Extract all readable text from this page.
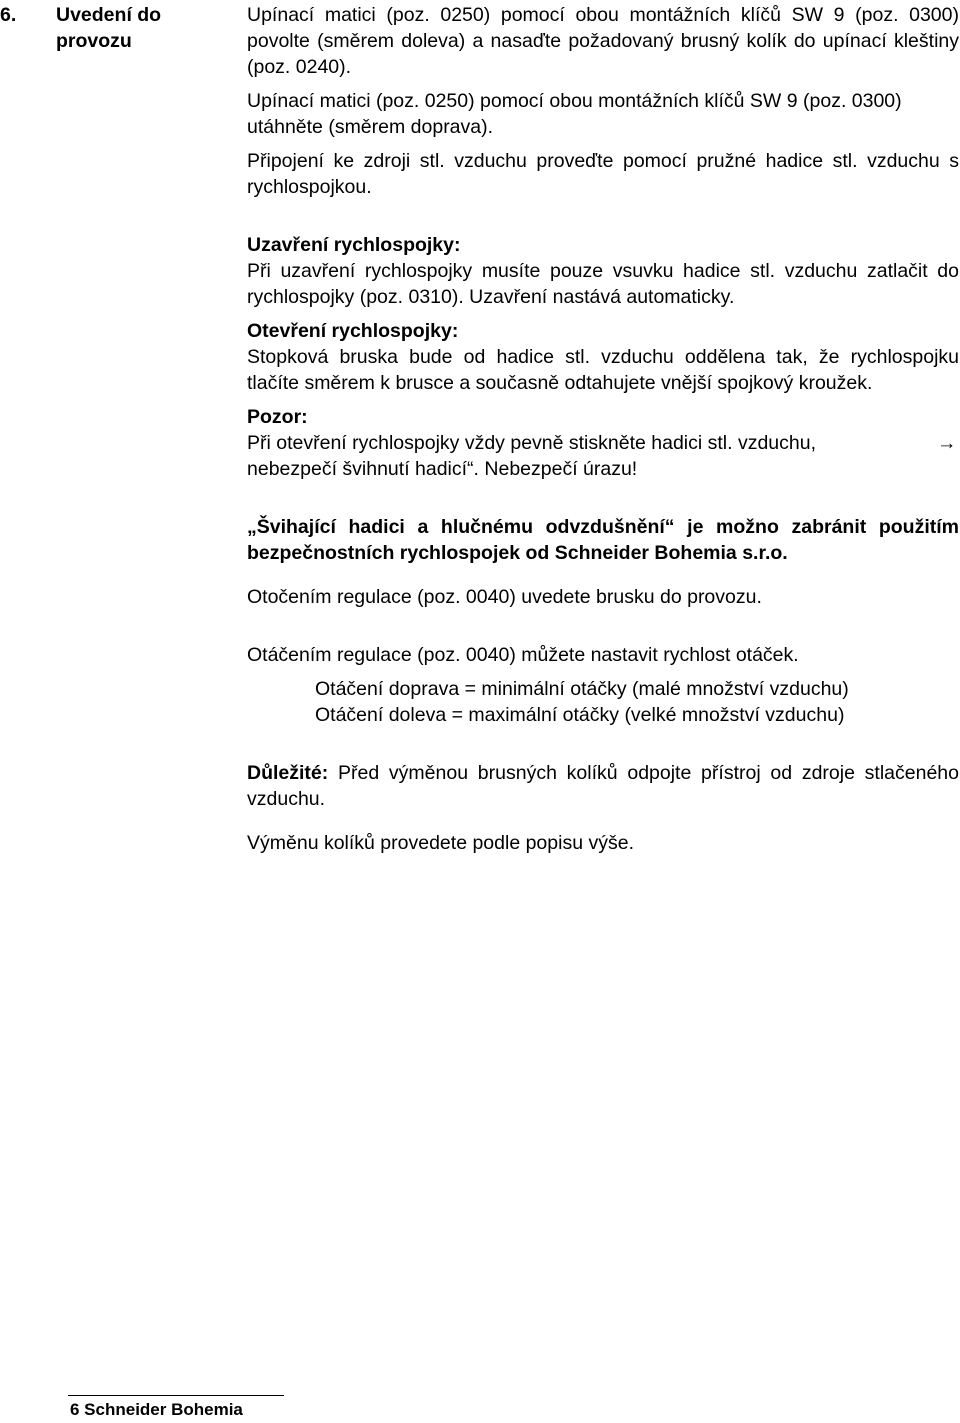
6. Uvedení do provozu

Upínací matici (poz. 0250) pomocí obou montážních klíčů SW 9 (poz. 0300) povolte (směrem doleva) a nasaďte požadovaný brusný kolík do upínací kleštiny (poz. 0240).

Upínací matici (poz. 0250) pomocí obou montážních klíčů SW 9 (poz. 0300) utáhněte (směrem doprava).

Připojení ke zdroji stl. vzduchu proveďte pomocí pružné hadice stl. vzduchu s rychlospojkou.

Uzavření rychlospojky:

Při uzavření rychlospojky musíte pouze vsuvku hadice stl. vzduchu zatlačit do rychlospojky (poz. 0310). Uzavření nastává automaticky.

Otevření rychlospojky:

Stopková bruska bude od hadice stl. vzduchu oddělena tak, že rychlospojku tlačíte směrem k brusce a současně odtahujete vnější spojkový kroužek.

Pozor:

Při otevření rychlospojky vždy pevně stiskněte hadici stl. vzduchu,	→

nebezpečí švihnutí hadicí“. Nebezpečí úrazu!

„Švihající hadici a hlučnému odvzdušnění“ je možno zabránit použitím bezpečnostních rychlospojek od Schneider Bohemia s.r.o.

Otočením regulace (poz. 0040) uvedete brusku do provozu.

Otáčením regulace (poz. 0040) můžete nastavit rychlost otáček.

Otáčení doprava = minimální otáčky (malé množství vzduchu)

Otáčení doleva = maximální otáčky (velké množství vzduchu)

Důležité: Před výměnou brusných kolíků odpojte přístroj od zdroje stlačeného vzduchu.

Výměnu kolíků provedete podle popisu výše.

6 Schneider Bohemia
